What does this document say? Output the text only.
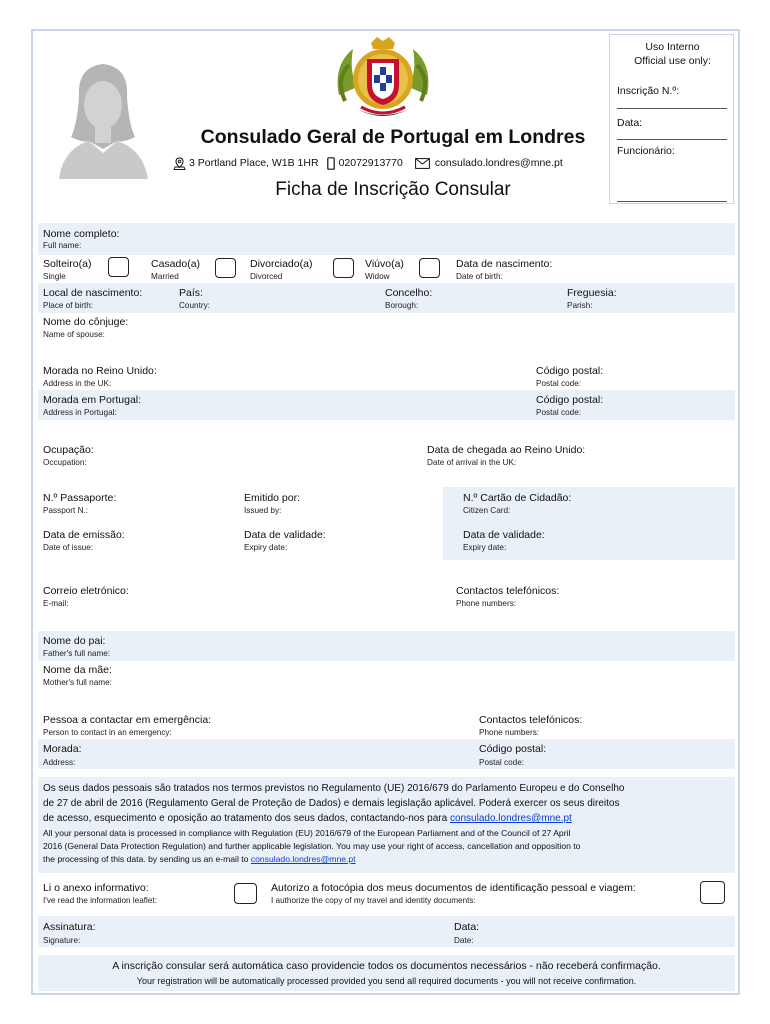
Consulado Geral de Portugal em Londres
3 Portland Place, W1B 1HR 02072913770	consulado.londres@mne.pt
Ficha de Inscrição Consular
Uso Interno
Official use only:
Inscrição N.º:
Data:
Funcionário:
Nome completo:
Full name:
Solteiro(a)
Single
Casado(a)
Married
Divorciado(a)
Divorced
Viúvo(a)
Widow
Data de nascimento:
Date of birth:
Local de nascimento:
Place of birth:
País:
Country:
Concelho:
Borough:
Freguesia:
Parish:
Nome do cônjuge:
Name of spouse:
Morada no Reino Unido:
Address in the UK:
Código postal:
Postal code:
Morada em Portugal:
Address in Portugal:
Código postal:
Postal code:
Ocupação:
Occupation:
Data de chegada ao Reino Unido:
Date of arrival in the UK:
N.º Passaporte:
Passport N.:
Emitido por:
Issued by:
N.º Cartão de Cidadão:
Citizen Card:
Data de emissão:
Date of issue:
Data de validade:
Expiry date:
Data de validade:
Expiry date:
Correio eletrónico:
E-mail:
Contactos telefónicos:
Phone numbers:
Nome do pai:
Father's full name:
Nome da mãe:
Mother's full name:
Pessoa a contactar em emergência:
Person to contact in an emergency:
Contactos telefónicos:
Phone numbers:
Morada:
Address:
Código postal:
Postal code:
Os seus dados pessoais são tratados nos termos previstos no Regulamento (UE) 2016/679 do Parlamento Europeu e do Conselho
de 27 de abril de 2016 (Regulamento Geral de Proteção de Dados) e demais legislação aplicável. Poderá exercer os seus direitos
de acesso, esquecimento e oposição ao tratamento dos seus dados, contactando-nos para consulado.londres@mne.pt
All your personal data is processed in compliance with Regulation (EU) 2016/679 of the European Parliament and of the Council of 27 April
2016 (General Data Protection Regulation) and further applicable legislation. You may use your right of access, cancellation and opposition to
the processing of this data. by sending us an e-mail to consulado.londres@mne.pt
Li o anexo informativo:
I've read the information leaflet:
Autorizo a fotocópia dos meus documentos de identificação pessoal e viagem:
I authorize the copy of my travel and identity documents:
Assinatura:
Signature:
Data:
Date:
A inscrição consular será automática caso providencie todos os documentos necessários - não receberá confirmação.
Your registration will be automatically processed provided you send all required documents - you will not receive confirmation.
